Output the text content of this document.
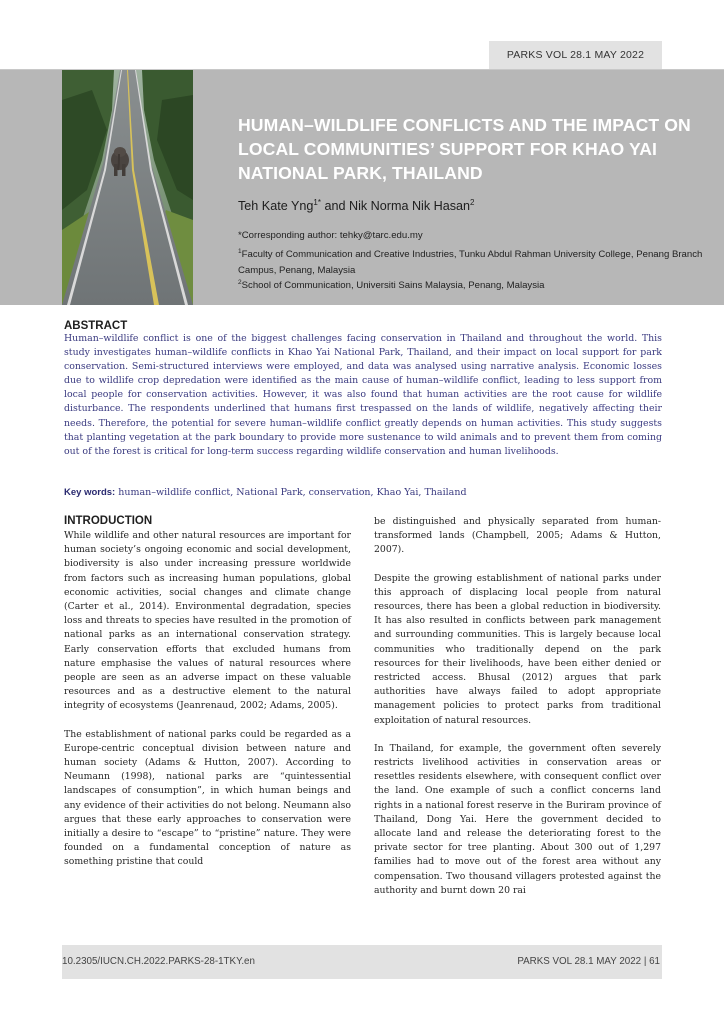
PARKS VOL 28.1 MAY 2022
HUMAN–WILDLIFE CONFLICTS AND THE IMPACT ON LOCAL COMMUNITIES’ SUPPORT FOR KHAO YAI NATIONAL PARK, THAILAND
Teh Kate Yng$^{1*}$ and Nik Norma Nik Hasan$^2$
*Corresponding author: tehky@tarc.edu.my
$^1$Faculty of Communication and Creative Industries, Tunku Abdul Rahman University College, Penang Branch Campus, Penang, Malaysia
$^2$School of Communication, Universiti Sains Malaysia, Penang, Malaysia
ABSTRACT

Human–wildlife conflict is one of the biggest challenges facing conservation in Thailand and throughout the world. This study investigates human–wildlife conflicts in Khao Yai National Park, Thailand, and their impact on local support for park conservation. Semi-structured interviews were employed, and data was analysed using narrative analysis. Economic losses due to wildlife crop depredation were identified as the main cause of human–wildlife conflict, leading to less support from local people for conservation activities. However, it was also found that human activities are the root cause for wildlife disturbance. The respondents underlined that humans first trespassed on the lands of wildlife, negatively affecting their needs. Therefore, the potential for severe human–wildlife conflict greatly depends on human activities. This study suggests that planting vegetation at the park boundary to provide more sustenance to wild animals and to prevent them from coming out of the forest is critical for long-term success regarding wildlife conservation and human livelihoods.

Key words: human–wildlife conflict, National Park, conservation, Khao Yai, Thailand
INTRODUCTION

While wildlife and other natural resources are important for human society’s ongoing economic and social development, biodiversity is also under increasing pressure worldwide from factors such as increasing human populations, global economic activities, social changes and climate change (Carter et al., 2014). Environmental degradation, species loss and threats to species have resulted in the promotion of national parks as an international conservation strategy. Early conservation efforts that excluded humans from nature emphasise the values of natural resources where people are seen as an adverse impact on these valuable resources and as a destructive element to the natural integrity of ecosystems (Jeanrenaud, 2002; Adams, 2005).

The establishment of national parks could be regarded as a Europe-centric conceptual division between nature and human society (Adams & Hutton, 2007). According to Neumann (1998), national parks are “quintessential landscapes of consumption”, in which human beings and any evidence of their activities do not belong. Neumann also argues that these early approaches to conservation were initially a desire to “escape” to “pristine” nature. They were founded on a fundamental conception of nature as something pristine that could

be distinguished and physically separated from human-transformed lands (Champbell, 2005; Adams & Hutton, 2007).

Despite the growing establishment of national parks under this approach of displacing local people from natural resources, there has been a global reduction in biodiversity. It has also resulted in conflicts between park management and surrounding communities. This is largely because local communities who traditionally depend on the park resources for their livelihoods, have been either denied or restricted access. Bhusal (2012) argues that park authorities have always failed to adopt appropriate management policies to protect parks from traditional exploitation of natural resources.

In Thailand, for example, the government often severely restricts livelihood activities in conservation areas or resettles residents elsewhere, with consequent conflict over the land. One example of such a conflict concerns land rights in a national forest reserve in the Buriram province of Thailand, Dong Yai. Here the government decided to allocate land and release the deteriorating forest to the private sector for tree planting. About 300 out of 1,297 families had to move out of the forest area without any compensation. Two thousand villagers protested against the authority and burnt down 20 rai

10.2305/IUCN.CH.2022.PARKS-28-1TKY.en	PARKS VOL 28.1 MAY 2022 | 61
